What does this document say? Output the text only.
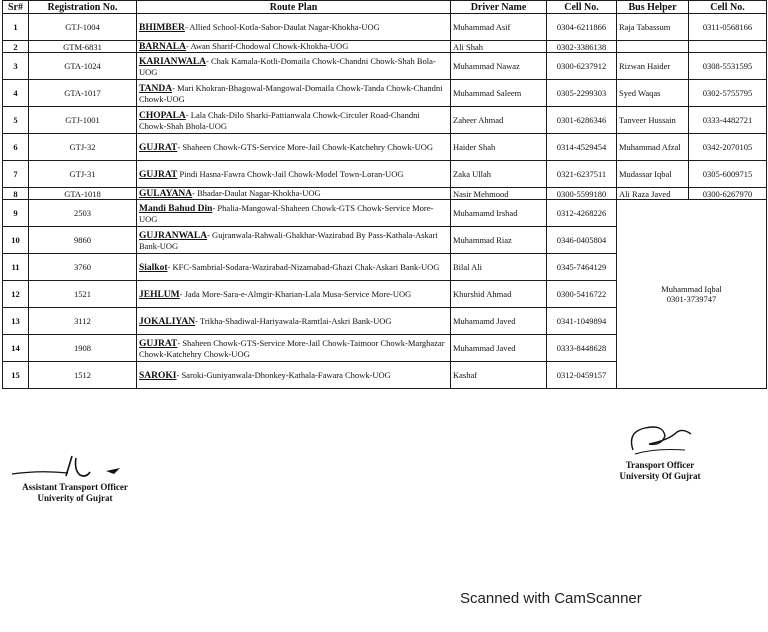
Sr#	Registration No.	Route Plan	Driver Name	Cell No.	Bus Helper	Cell No.
1	GTJ-1004	BHIMBER- Allied School-Kotla-Sabor-Daulat Nagar-Khokha-UOG	Muhammad Asif	0304-6211866	Raja Tabassum	0311-0568166
2	GTM-6831	BARNALA- Awan Sharif-Chodowal Chowk-Khokha-UOG	Ali Shah	0302-3386138		
3	GTA-1024	KARIANWALA- Chak Kamala-Kotli-Domaila Chowk-Chandni Chowk-Shah Bola-UOG	Muhammad Nawaz	0300-6237912	Rizwan Haider	0308-5531595
4	GTA-1017	TANDA- Mari Khokran-Bhagowal-Mangowal-Domaila Chowk-Tanda Chowk-Chandni Chowk-UOG	Muhammad Saleem	0305-2299303	Syed Waqas	0302-5755795
5	GTJ-1001	CHOPALA- Lala Chak-Dilo Sharki-Pattianwala Chowk-Circuler Road-Chandni Chowk-Shah Bhola-UOG	Zaheer Ahmad	0301-6286346	Tanveer Hussain	0333-4482721
6	GTJ-32	GUJRAT- Shaheen Chowk-GTS-Service More-Jail Chowk-Katchehry Chowk-UOG	Haider Shah	0314-4529454	Muhammad Afzal	0342-2070105
7	GTJ-31	GUJRAT Pindi Hasna-Fawra Chowk-Jail Chowk-Model Town-Loran-UOG	Zaka Ullah	0321-6237511	Mudassar Iqbal	0305-6009715
8	GTA-1018	GULAYANA- Bhadar-Daulat Nagar-Khokha-UOG	Nasir Mehmood	0300-5599180	Ali Raza Javed	0300-6267970
9	2503	Mandi Bahud Din- Phalia-Mangowal-Shaheen Chowk-GTS Chowk-Service More-UOG	Muhamamd Irshad	0312-4268226	Muhammad Iqbal
0301-3739747	

10	9860	GUJRANWALA- Gujranwala-Rahwali-Ghakhar-Wazirabad By Pass-Kathala-Askari Bank-UOG	Muhammad Riaz	0346-0405804		
11	3760	Sialkot- KFC-Sambrial-Sodara-Wazirabad-Nizamabad-Ghazi Chak-Askari Bank-UOG	Bilal Ali	0345-7464129		
12	1521	JEHLUM- Jada More-Sara-e-Almgir-Kharian-Lala Musa-Service More-UOG	Khurshid Ahmad	0300-5416722		
13	3112	JOKALIYAN- Trikha-Shadiwal-Hariyawala-Ramtlai-Askri Bank-UOG	Muhamamd Javed	0341-1049894		
14	1908	GUJRAT- Shaheen Chowk-GTS-Service More-Jail Chowk-Taimoor Chowk-Marghazar Chowk-Katchehry Chowk-UOG	Muhammad Javed	0333-8448628		
15	1512	SAROKI- Saroki-Guniyanwala-Dhonkey-Kathala-Fawara Chowk-UOG	Kashaf	0312-0459157		
Assistant Transport Officer
Univerity of Gujrat
Transport Officer
University Of Gujrat
Scanned with CamScanner
